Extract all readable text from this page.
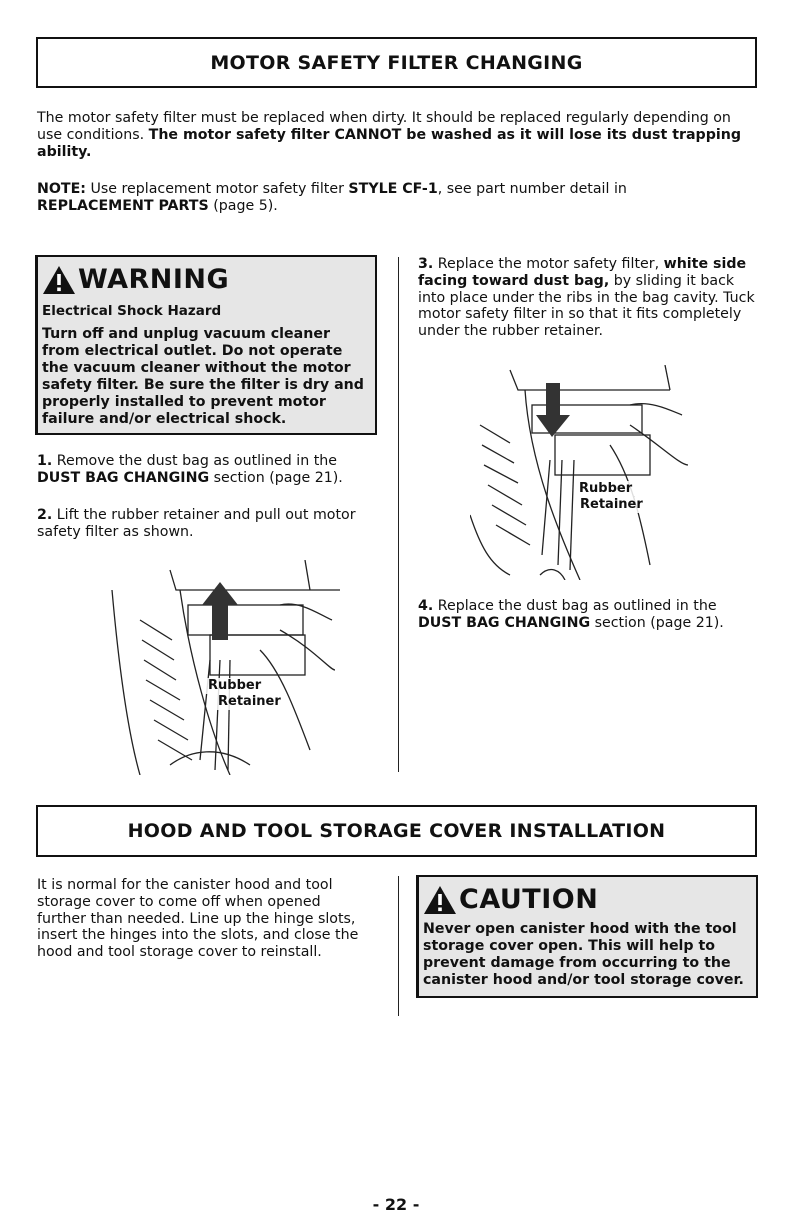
MOTOR SAFETY FILTER CHANGING
The motor safety filter must be replaced when dirty. It should be replaced regularly depending on use conditions. The motor safety filter CANNOT be washed as it will lose its dust trapping ability.
NOTE: Use replacement motor safety filter STYLE CF-1, see part number detail in
REPLACEMENT PARTS (page 5).
WARNING
Electrical Shock Hazard
Turn off and unplug vacuum cleaner from electrical outlet. Do not operate the vacuum cleaner without the motor safety filter. Be sure the filter is dry and properly installed to prevent motor failure and/or electrical shock.
1. Remove the dust bag as outlined in the DUST BAG CHANGING section (page 21).
2. Lift the rubber retainer and pull out motor safety filter as shown.
Rubber
Retainer
3. Replace the motor safety filter, white side facing toward dust bag, by sliding it back into place under the ribs in the bag cavity. Tuck motor safety filter in so that it fits completely under the rubber retainer.
Rubber
Retainer
4. Replace the dust bag as outlined in the DUST BAG CHANGING section (page 21).
HOOD AND TOOL STORAGE COVER INSTALLATION
It is normal for the canister hood and tool storage cover to come off when opened further than needed. Line up the hinge slots, insert the hinges into the slots, and close the hood and tool storage cover to reinstall.
CAUTION
Never open canister hood with the tool storage cover open. This will help to prevent damage from occurring to the canister hood and/or tool storage cover.
- 22 -
